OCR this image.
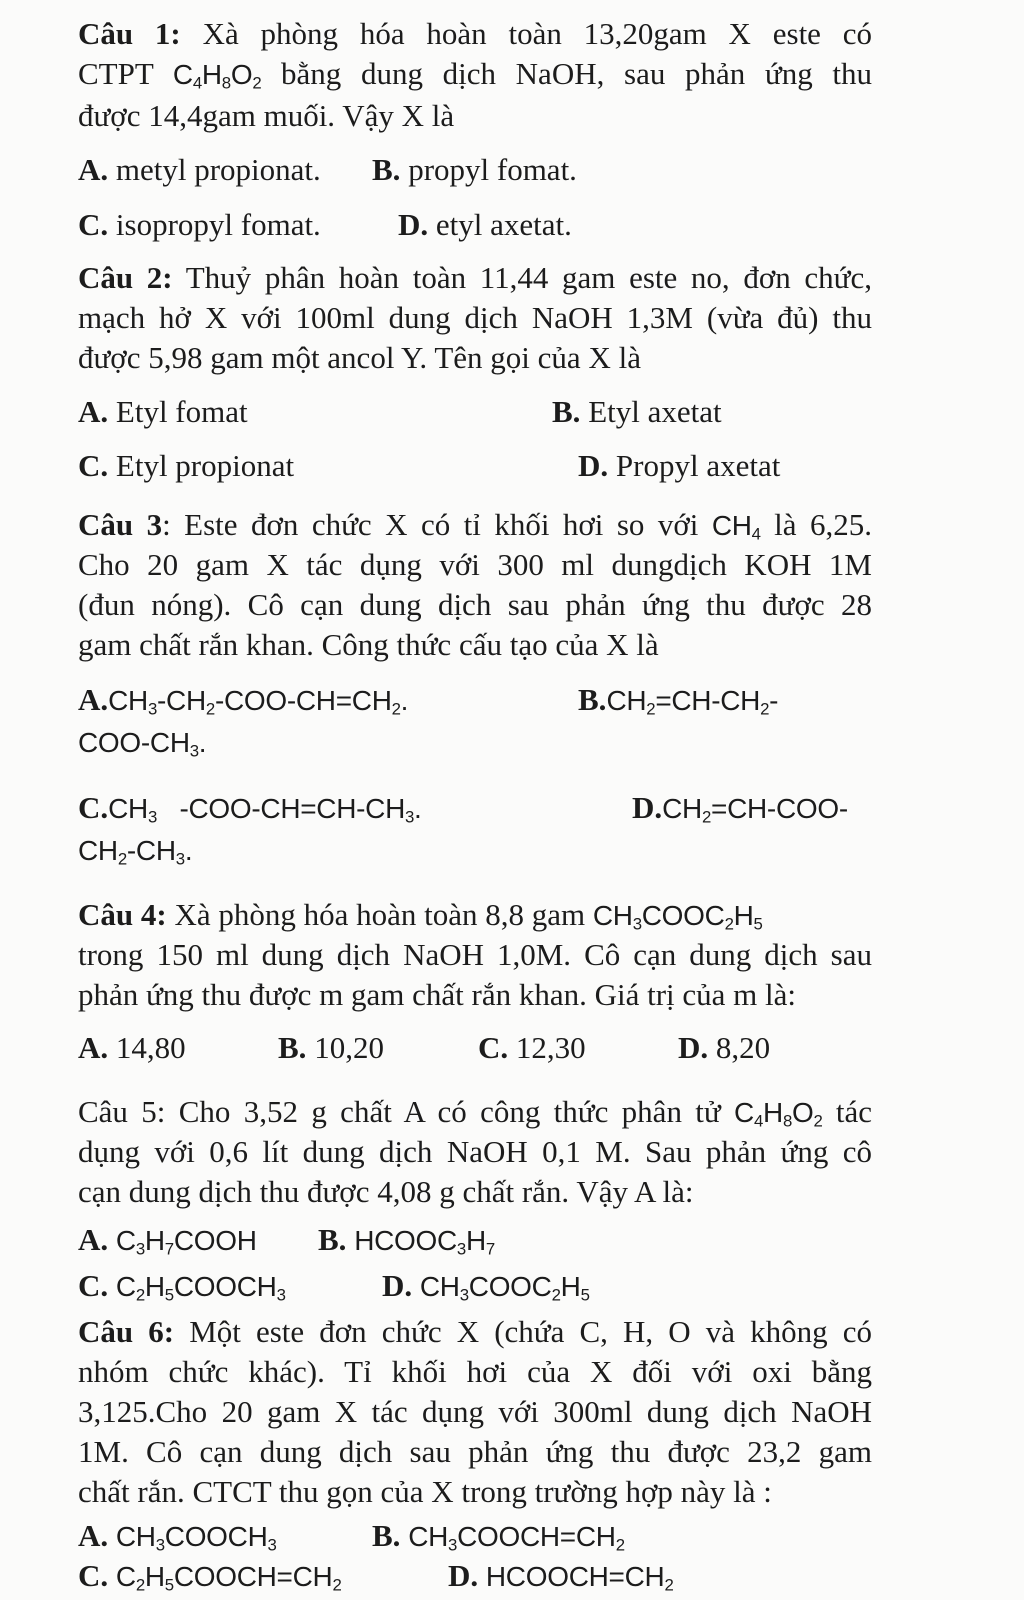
Câu 1: Xà phòng hóa hoàn toàn 13,20gam X este có
CTPT $C_4H_8O_2$ bằng dung dịch NaOH, sau phản ứng thu
được 14,4gam muối. Vậy X là
A. metyl propionat. B. propyl fomat.
C. isopropyl fomat. D. etyl axetat.
Câu 2: Thuỷ phân hoàn toàn 11,44 gam este no, đơn chức,
mạch hở X với 100ml dung dịch NaOH 1,3M (vừa đủ) thu
được 5,98 gam một ancol Y. Tên gọi của X là
A. Etyl fomat	B. Etyl axetat
C. Etyl propionat	D. Propyl axetat
Câu 3: Este đơn chức X có tỉ khối hơi so với $CH_4$ là 6,25.
Cho 20 gam X tác dụng với 300 ml dungdịch KOH 1M
(đun nóng). Cô cạn dung dịch sau phản ứng thu được 28
gam chất rắn khan. Công thức cấu tạo của X là
$A.CH_3-CH_2-COO-CH=CH_2$.	$B.CH_2=CH-CH_2-$
COO-$CH_3$.
$C.CH_3$   $-COO-CH=CH-CH_3$.	$D.CH_2=CH-COO-$
$CH_2-CH_3$.
Câu 4: Xà phòng hóa hoàn toàn 8,8 gam $CH_3COOC_2H_5$
trong 150 ml dung dịch NaOH 1,0M. Cô cạn dung dịch sau
phản ứng thu được m gam chất rắn khan. Giá trị của m là:
A. 14,80	B. 10,20	C. 12,30	D. 8,20
Câu 5: Cho 3,52 g chất A có công thức phân tử $C_4H_8O_2$ tác
dụng với 0,6 lít dung dịch NaOH 0,1 M. Sau phản ứng cô
cạn dung dịch thu được 4,08 g chất rắn. Vậy A là:
A. $C_3H_7COOH$ B. $HCOOC_3H_7$
C. $C_2H_5COOCH_3$	D. $CH_3COOC_2H_5$
Câu 6: Một este đơn chức X (chứa C, H, O và không có
nhóm chức khác). Tỉ khối hơi của X đối với oxi bằng
3,125.Cho 20 gam X tác dụng với 300ml dung dịch NaOH
1M. Cô cạn dung dịch sau phản ứng thu được 23,2 gam
chất rắn. CTCT thu gọn của X trong trường hợp này là :
A. $CH_3COOCH_3$	B. $CH_3COOCH=CH_2$
C. $C_2H_5COOCH=CH_2$	D. $HCOOCH=CH_2$
